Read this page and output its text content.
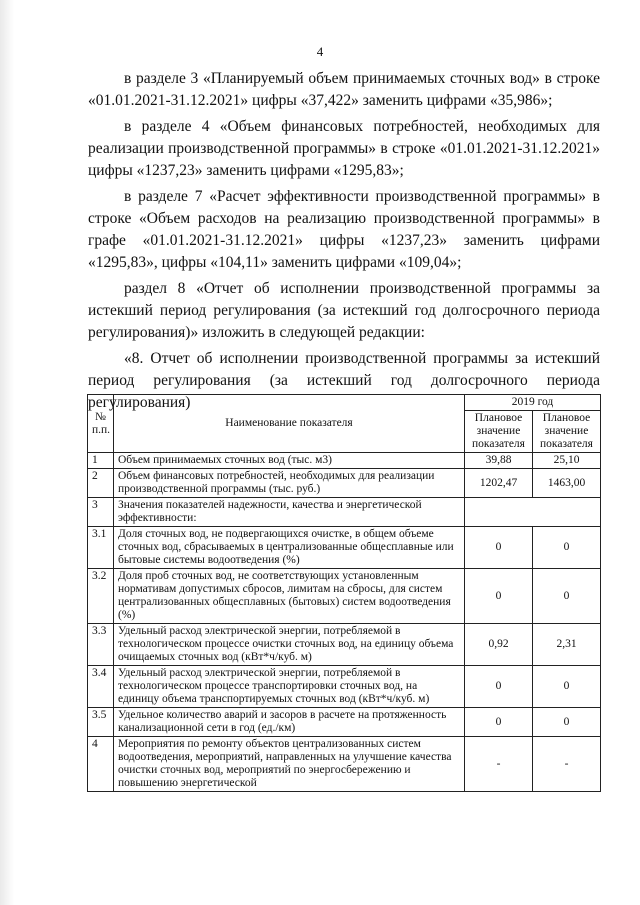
4

в разделе 3 «Планируемый объем принимаемых сточных вод» в строке «01.01.2021-31.12.2021» цифры «37,422» заменить цифрами «35,986»;

в разделе 4 «Объем финансовых потребностей, необходимых для реализации производственной программы» в строке «01.01.2021-31.12.2021» цифры «1237,23» заменить цифрами «1295,83»;

в разделе 7 «Расчет эффективности производственной программы» в строке «Объем расходов на реализацию производственной программы» в графе «01.01.2021-31.12.2021» цифры «1237,23» заменить цифрами «1295,83», цифры «104,11» заменить цифрами «109,04»;

раздел 8 «Отчет об исполнении производственной программы за истекший период регулирования (за истекший год долгосрочного периода регулирования)» изложить в следующей редакции:

«8. Отчет об исполнении производственной программы за истекший период регулирования (за истекший год долгосрочного периода регулирования)

№ п.п.	Наименование показателя	2019 год	
		Плановое значение показателя	Плановое значение показателя
1	Объем принимаемых сточных вод (тыс. м3)	39,88	25,10
2	Объем финансовых потребностей, необходимых для реализации производственной программы (тыс. руб.)	1202,47	1463,00
3	Значения показателей надежности, качества и энергетической эффективности:		
3.1	Доля сточных вод, не подвергающихся очистке, в общем объеме сточных вод, сбрасываемых в централизованные общесплавные или бытовые системы водоотведения (%)	0	0
3.2	Доля проб сточных вод, не соответствующих установленным нормативам допустимых сбросов, лимитам на сбросы, для систем централизованных общесплавных (бытовых) систем водоотведения (%)	0	0
3.3	Удельный расход электрической энергии, потребляемой в технологическом процессе очистки сточных вод, на единицу объема очищаемых сточных вод (кВт*ч/куб. м)	0,92	2,31
3.4	Удельный расход электрической энергии, потребляемой в технологическом процессе транспортировки сточных вод, на единицу объема транспортируемых сточных вод (кВт*ч/куб. м)	0	0
3.5	Удельное количество аварий и засоров в расчете на протяженность канализационной сети в год (ед./км)	0	0
4	Мероприятия по ремонту объектов централизованных систем водоотведения, мероприятий, направленных на улучшение качества очистки сточных вод, мероприятий по энергосбережению и повышению энергетической	-	-
